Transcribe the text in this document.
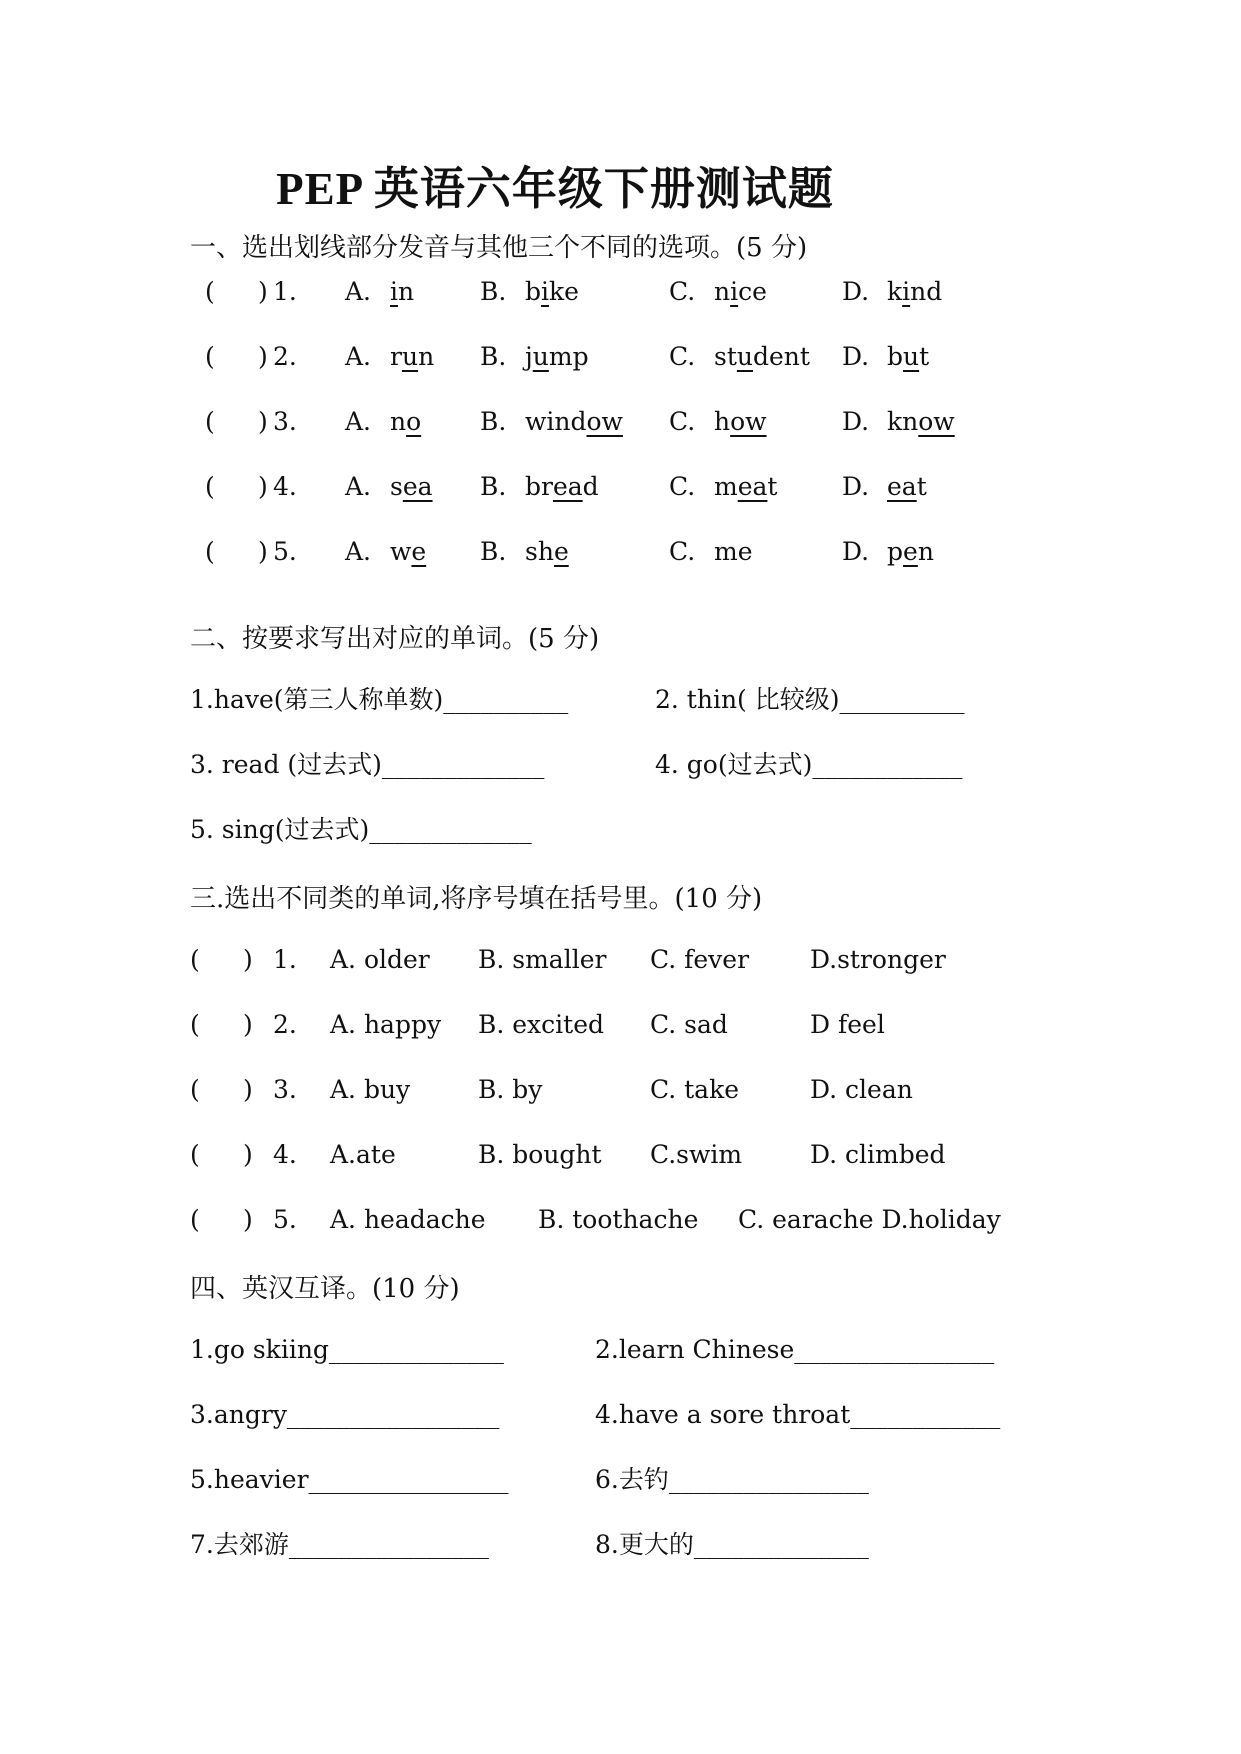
PEP 英语六年级下册测试题
一、选出划线部分发音与其他三个不同的选项。(5 分)
( ) 1. A. in	B. bike	C. nice	D. kind
( ) 2. A. run B. jump	C. student D. but
( ) 3. A. no B. window C. how	D. know
( ) 4. A. sea B. bread	C. meat	D. eat
( ) 5. A. we B. she	C. me	D. pen
二、按要求写出对应的单词。(5 分)
1.have(第三人称单数)__________	2. thin( 比较级)__________
3. read (过去式)_____________	4. go(过去式)____________
5. sing(过去式)_____________
三.选出不同类的单词,将序号填在括号里。(10 分)
( ) 1. A. older B. smaller C. fever D.stronger
( ) 2. A. happy B. excited C. sad	D feel
( ) 3. A. buy	B. by	C. take	D. clean
( ) 4. A.ate	B. bought C.swim	D. climbed
( ) 5. A. headache B. toothache C. earache D.holiday
四、英汉互译。(10 分)
1.go skiing______________	2.learn Chinese________________
3.angry_________________	4.have a sore throat____________
5.heavier________________	6.去钓________________
7.去郊游________________	8.更大的______________
